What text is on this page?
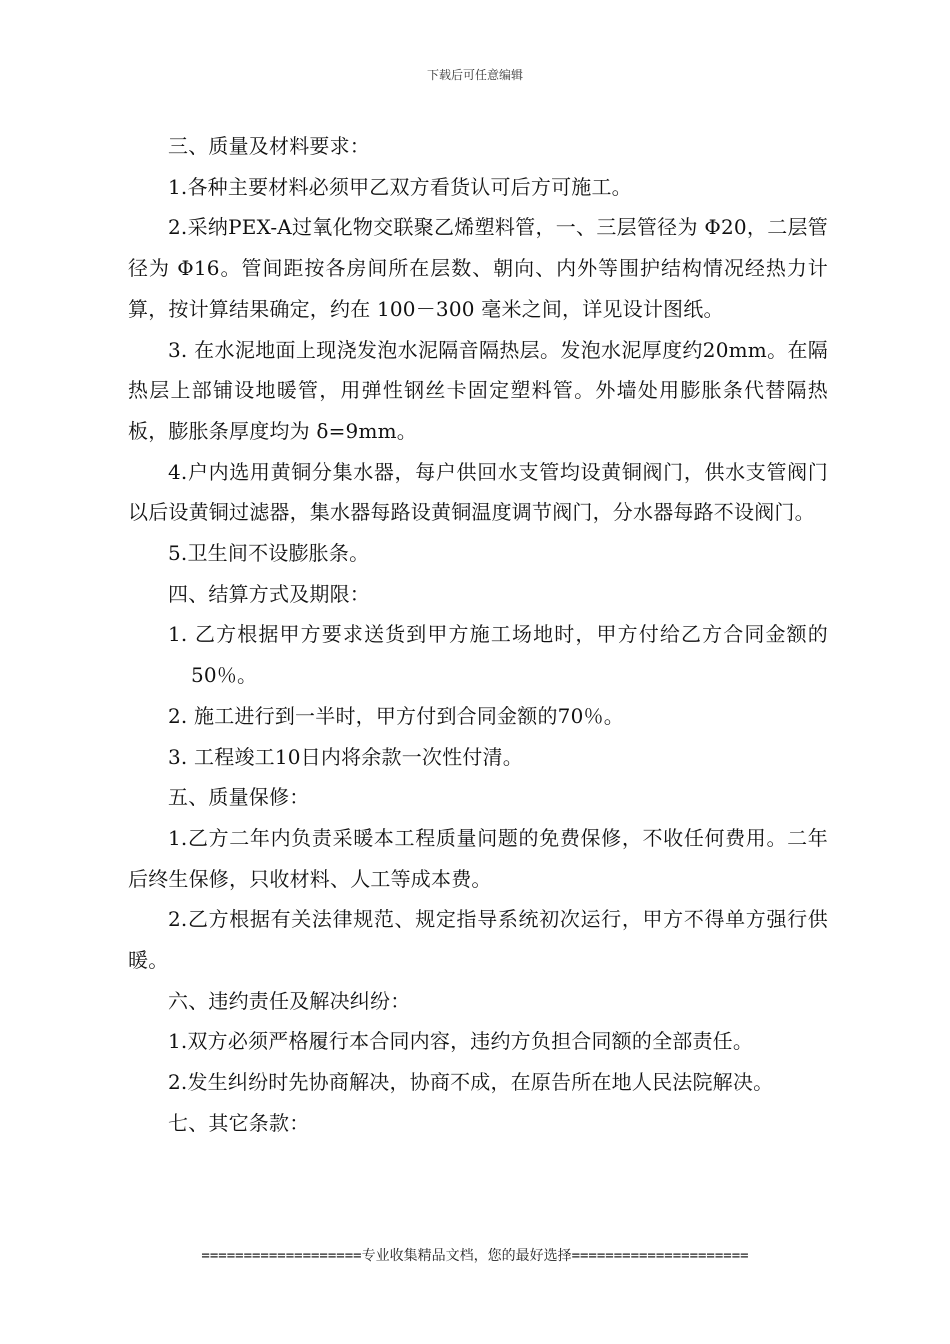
下载后可任意编辑

三、质量及材料要求：

1.各种主要材料必须甲乙双方看货认可后方可施工。

2.采纳PEX-A过氧化物交联聚乙烯塑料管，一、三层管径为 Φ20，二层管径为 Φ16。管间距按各房间所在层数、朝向、内外等围护结构情况经热力计算，按计算结果确定，约在 100－300 毫米之间，详见设计图纸。

3. 在水泥地面上现浇发泡水泥隔音隔热层。发泡水泥厚度约20mm。在隔热层上部铺设地暖管，用弹性钢丝卡固定塑料管。外墙处用膨胀条代替隔热板，膨胀条厚度均为 δ=9mm。

4.户内选用黄铜分集水器，每户供回水支管均设黄铜阀门，供水支管阀门以后设黄铜过滤器，集水器每路设黄铜温度调节阀门，分水器每路不设阀门。

5.卫生间不设膨胀条。

四、结算方式及期限：

1. 乙方根据甲方要求送货到甲方施工场地时，甲方付给乙方合同金额的50％。

2. 施工进行到一半时，甲方付到合同金额的70％。

3. 工程竣工10日内将余款一次性付清。

五、质量保修：

1.乙方二年内负责采暖本工程质量问题的免费保修，不收任何费用。二年后终生保修，只收材料、人工等成本费。

2.乙方根据有关法律规范、规定指导系统初次运行，甲方不得单方强行供暖。

六、违约责任及解决纠纷：

1.双方必须严格履行本合同内容，违约方负担合同额的全部责任。

2.发生纠纷时先协商解决，协商不成，在原告所在地人民法院解决。

七、其它条款：

===================专业收集精品文档，您的最好选择=====================
